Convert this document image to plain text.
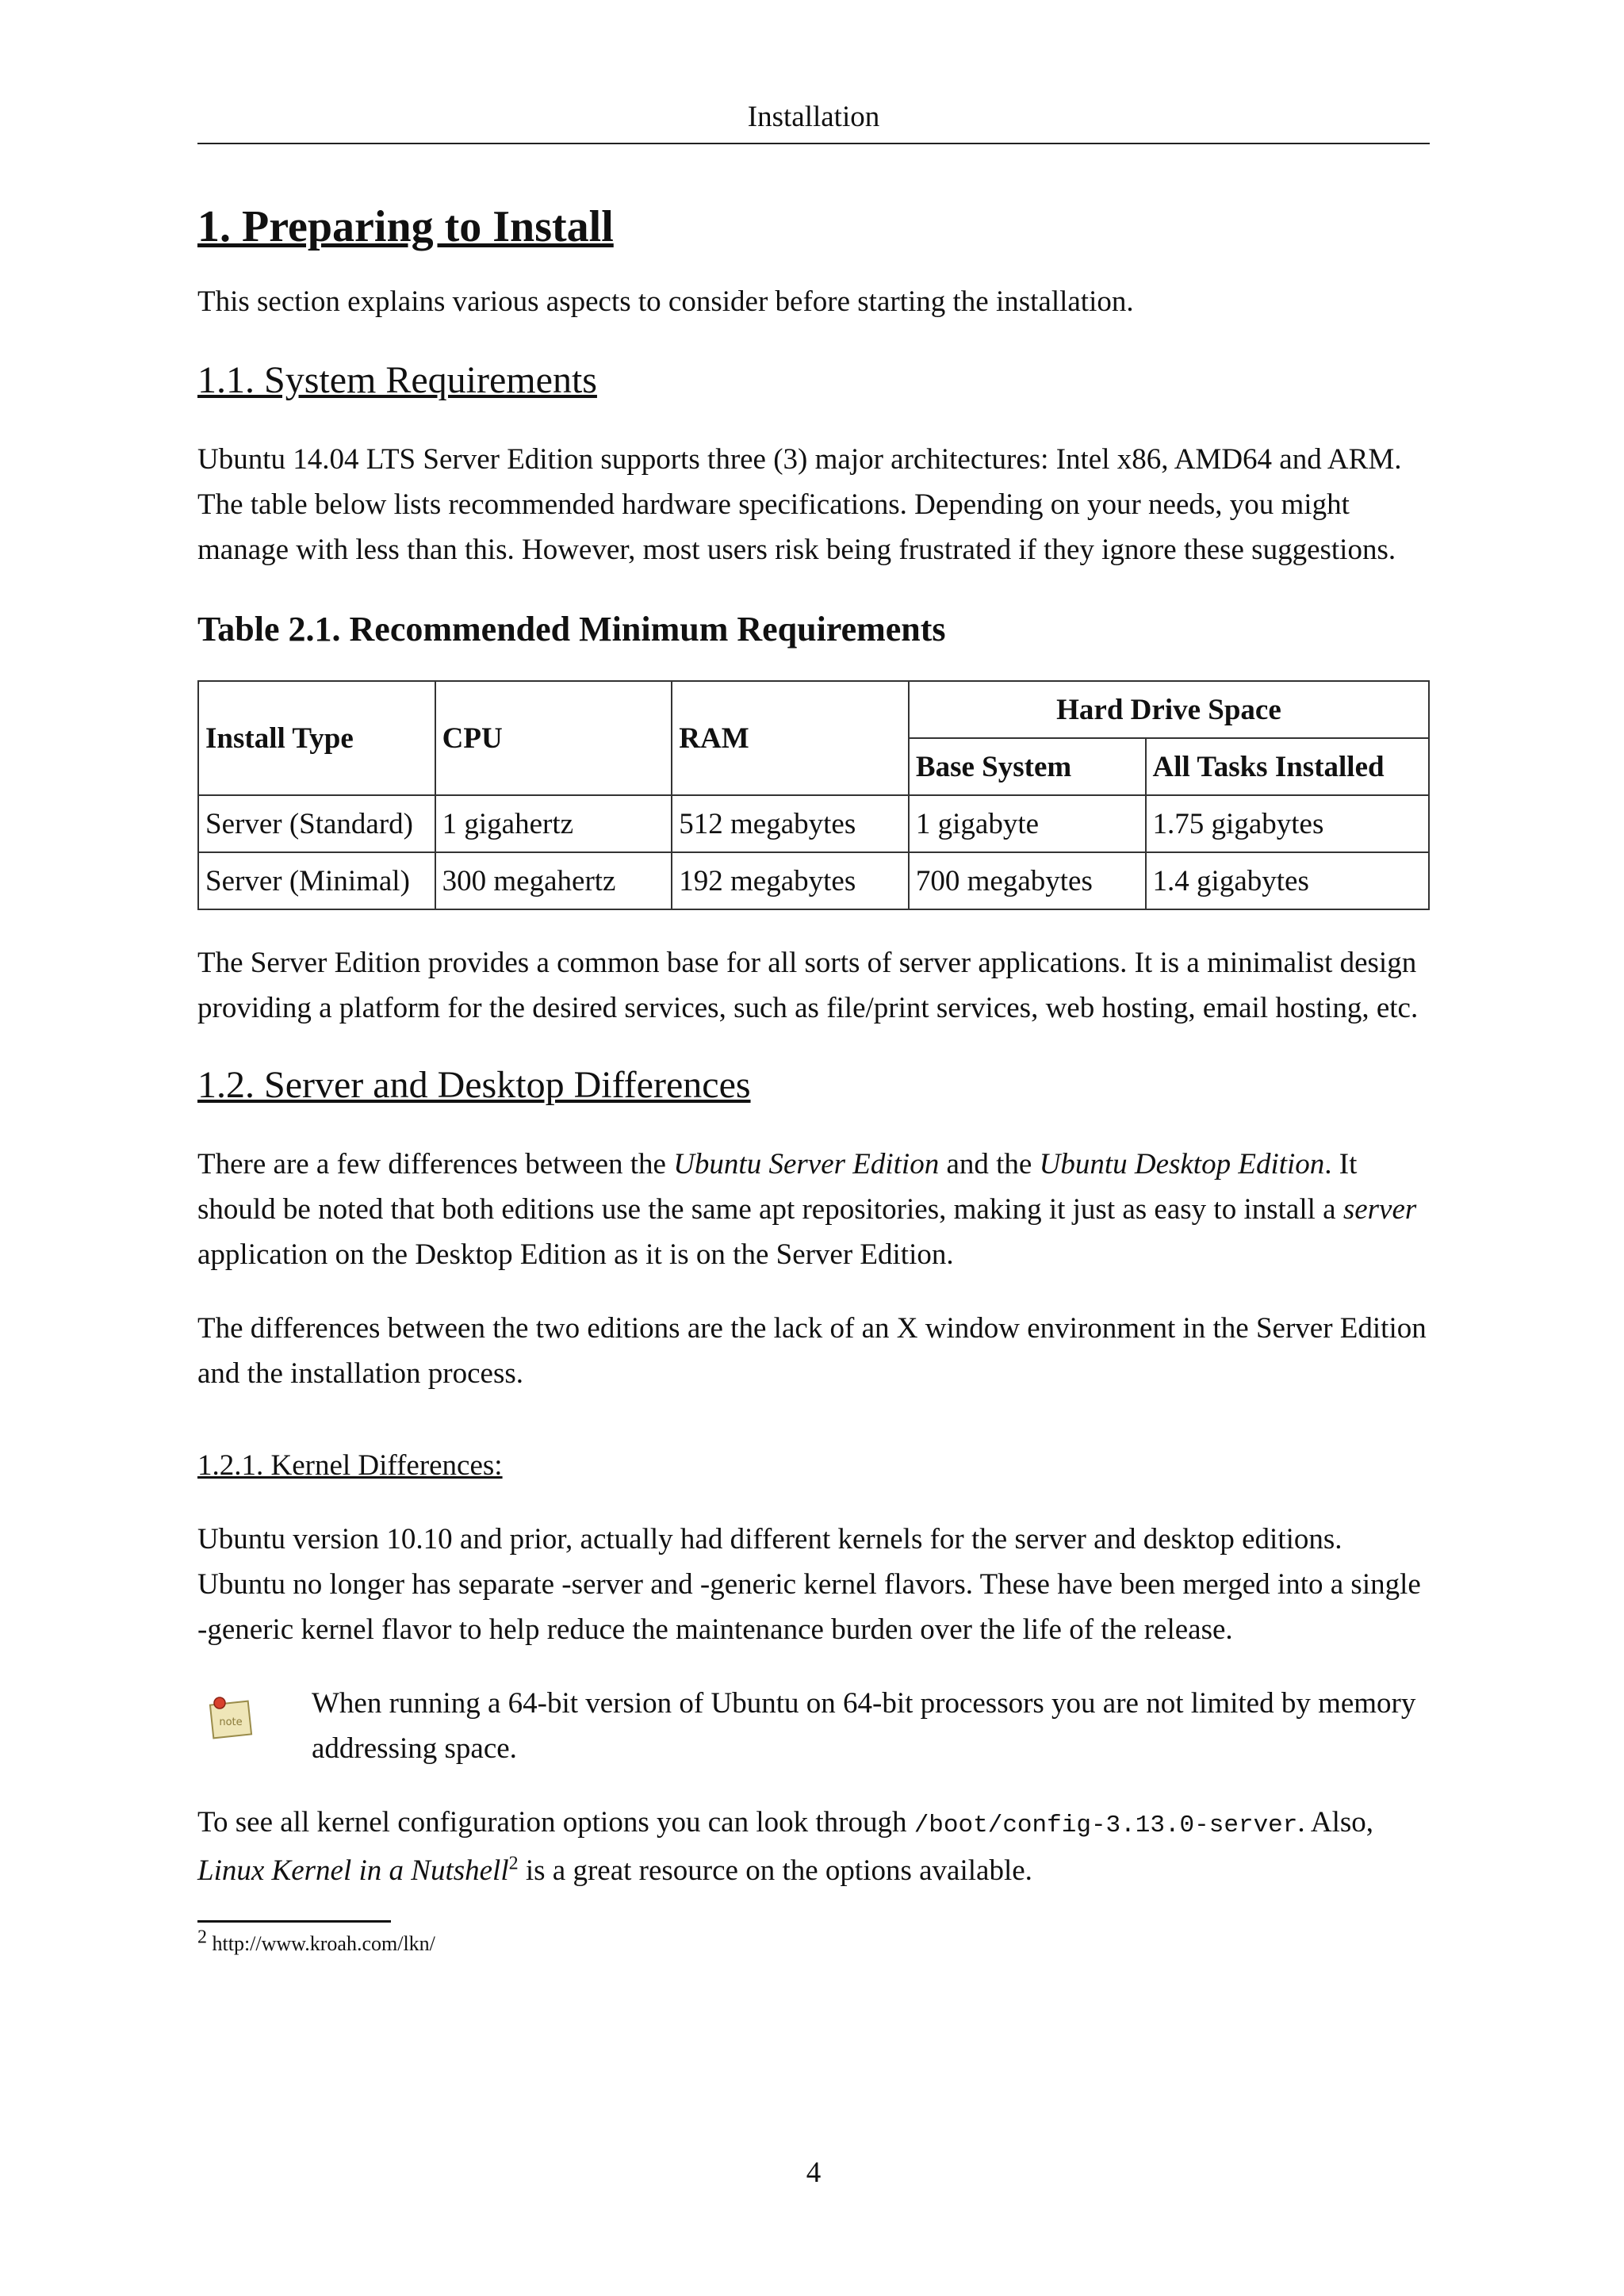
Installation
1. Preparing to Install

This section explains various aspects to consider before starting the installation.

1.1. System Requirements

Ubuntu 14.04 LTS Server Edition supports three (3) major architectures: Intel x86, AMD64 and ARM. The table below lists recommended hardware specifications. Depending on your needs, you might manage with less than this. However, most users risk being frustrated if they ignore these suggestions.

Table 2.1. Recommended Minimum Requirements
Install Type	CPU	RAM	Hard Drive Space	
			Base System	All Tasks Installed
Server (Standard)	1 gigahertz	512 megabytes	1 gigabyte	1.75 gigabytes
Server (Minimal)	300 megahertz	192 megabytes	700 megabytes	1.4 gigabytes

The Server Edition provides a common base for all sorts of server applications. It is a minimalist design providing a platform for the desired services, such as file/print services, web hosting, email hosting, etc.

1.2. Server and Desktop Differences

There are a few differences between the Ubuntu Server Edition and the Ubuntu Desktop Edition. It should be noted that both editions use the same apt repositories, making it just as easy to install a server application on the Desktop Edition as it is on the Server Edition.

The differences between the two editions are the lack of an X window environment in the Server Edition and the installation process.

1.2.1. Kernel Differences:

Ubuntu version 10.10 and prior, actually had different kernels for the server and desktop editions. Ubuntu no longer has separate -server and -generic kernel flavors. These have been merged into a single -generic kernel flavor to help reduce the maintenance burden over the life of the release.

note

When running a 64-bit version of Ubuntu on 64-bit processors you are not limited by memory addressing space.

To see all kernel configuration options you can look through /boot/config-3.13.0-server. Also, Linux Kernel in a Nutshell$^2$ is a great resource on the options available.

$^2$ http://www.kroah.com/lkn/
4
